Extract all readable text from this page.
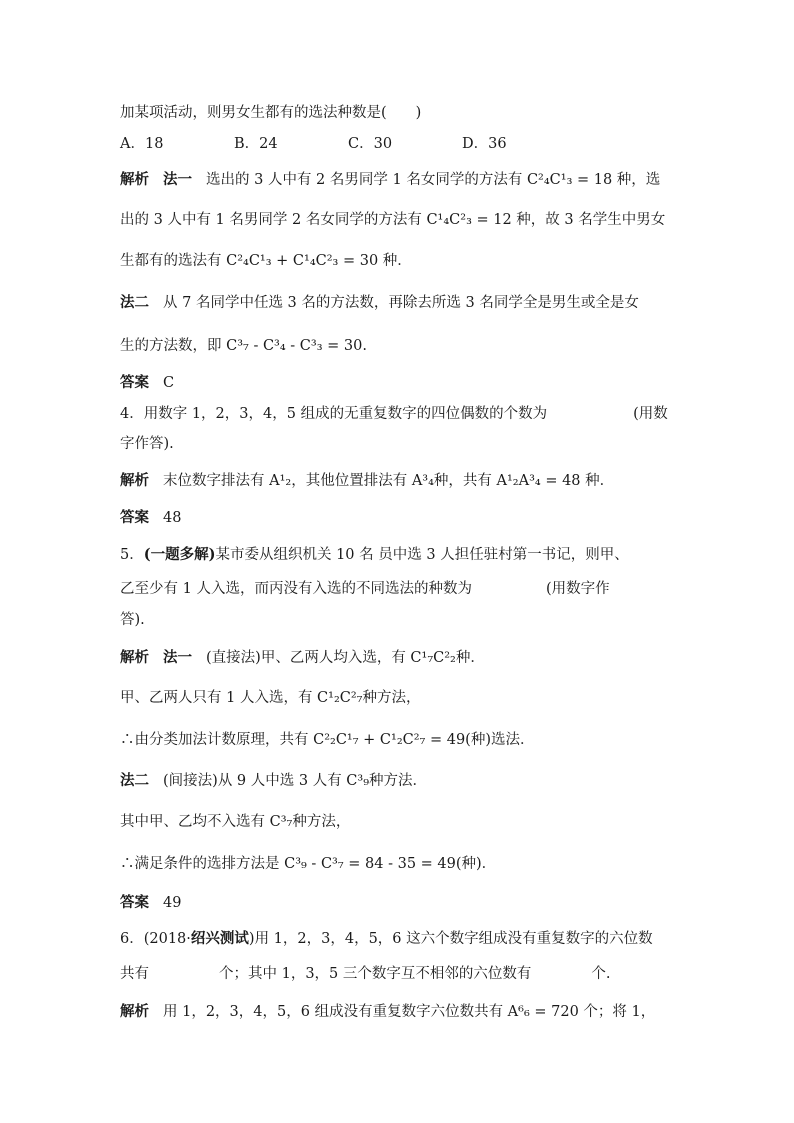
加某项活动，则男女生都有的选法种数是(　　)
A．18	B．24	C．30	D．36
解析 法一 选出的 3 人中有 2 名男同学 1 名女同学的方法有 C²₄C¹₃ = 18 种，选
出的 3 人中有 1 名男同学 2 名女同学的方法有 C¹₄C²₃ = 12 种，故 3 名学生中男女
生都有的选法有 C²₄C¹₃ + C¹₄C²₃ = 30 种．
法二 从 7 名同学中任选 3 名的方法数，再除去所选 3 名同学全是男生或全是女
生的方法数，即 C³₇ - C³₄ - C³₃ = 30.
答案 C
4．用数字 1，2，3，4，5 组成的无重复数字的四位偶数的个数为	(用数
字作答).
解析 末位数字排法有 A¹₂，其他位置排法有 A³₄种，共有 A¹₂A³₄ = 48 种．
答案 48
5．(一题多解)某市委从组织机关 10 名 员中选 3 人担任驻村第一书记，则甲、
乙至少有 1 人入选，而丙没有入选的不同选法的种数为	(用数字作
答).
解析 法一 (直接法)甲、乙两人均入选，有 C¹₇C²₂种．
甲、乙两人只有 1 人入选，有 C¹₂C²₇种方法，
∴由分类加法计数原理，共有 C²₂C¹₇ + C¹₂C²₇ = 49(种)选法．
法二 (间接法)从 9 人中选 3 人有 C³₉种方法．
其中甲、乙均不入选有 C³₇种方法，
∴满足条件的选排方法是 C³₉ - C³₇ = 84 - 35 = 49(种)．
答案 49
6．(2018·绍兴测试)用 1，2，3，4，5，6 这六个数字组成没有重复数字的六位数
共有	个；其中 1，3，5 三个数字互不相邻的六位数有	个.
解析 用 1，2，3，4，5，6 组成没有重复数字六位数共有 A⁶₆ = 720 个；将 1，
